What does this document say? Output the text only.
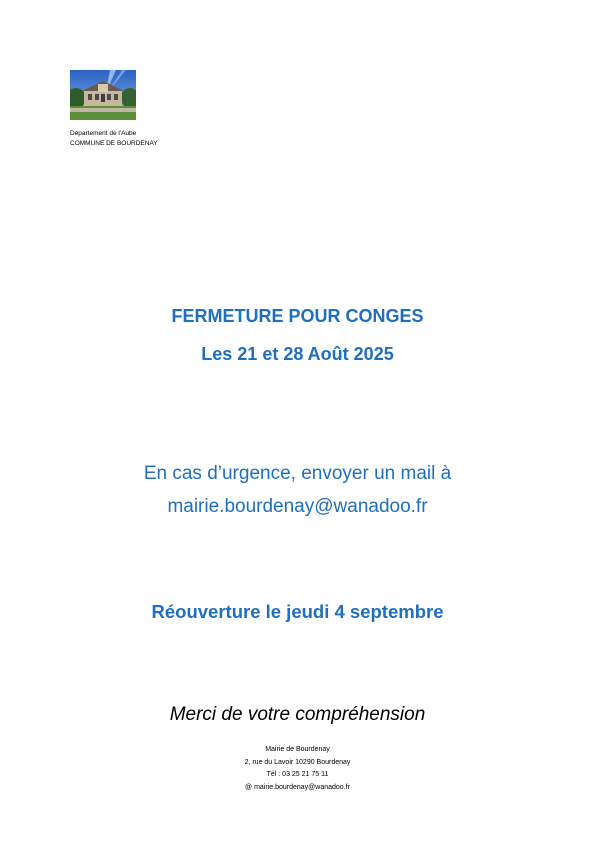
Département de l'Aube
COMMUNE DE BOURDENAY
FERMETURE POUR CONGES
Les 21 et 28 Août 2025
En cas d’urgence, envoyer un mail à
mairie.bourdenay@wanadoo.fr
Réouverture le jeudi 4 septembre
Merci de votre compréhension
Mairie de Bourdenay
2, rue du Lavoir 10290 Bourdenay
Tél : 03 25 21 75 11
@ mairie.bourdenay@wanadoo.fr
